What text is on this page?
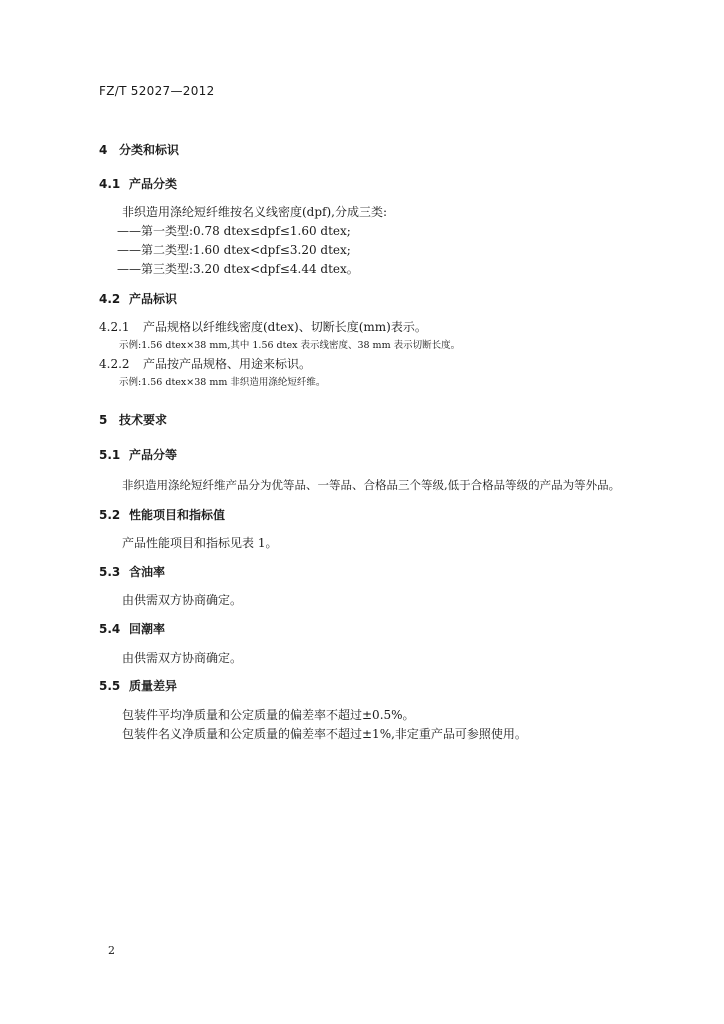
FZ/T 52027—2012
4 分类和标识
4.1 产品分类
非织造用涤纶短纤维按名义线密度(dpf),分成三类:
——第一类型:0.78 dtex≤dpf≤1.60 dtex;
——第二类型:1.60 dtex<dpf≤3.20 dtex;
——第三类型:3.20 dtex<dpf≤4.44 dtex。
4.2 产品标识
4.2.1 产品规格以纤维线密度(dtex)、切断长度(mm)表示。
示例:1.56 dtex×38 mm,其中 1.56 dtex 表示线密度、38 mm 表示切断长度。
4.2.2 产品按产品规格、用途来标识。
示例:1.56 dtex×38 mm 非织造用涤纶短纤维。
5 技术要求
5.1 产品分等
非织造用涤纶短纤维产品分为优等品、一等品、合格品三个等级,低于合格品等级的产品为等外品。
5.2 性能项目和指标值
产品性能项目和指标见表 1。
5.3 含油率
由供需双方协商确定。
5.4 回潮率
由供需双方协商确定。
5.5 质量差异
包装件平均净质量和公定质量的偏差率不超过±0.5%。
包装件名义净质量和公定质量的偏差率不超过±1%,非定重产品可参照使用。
2
